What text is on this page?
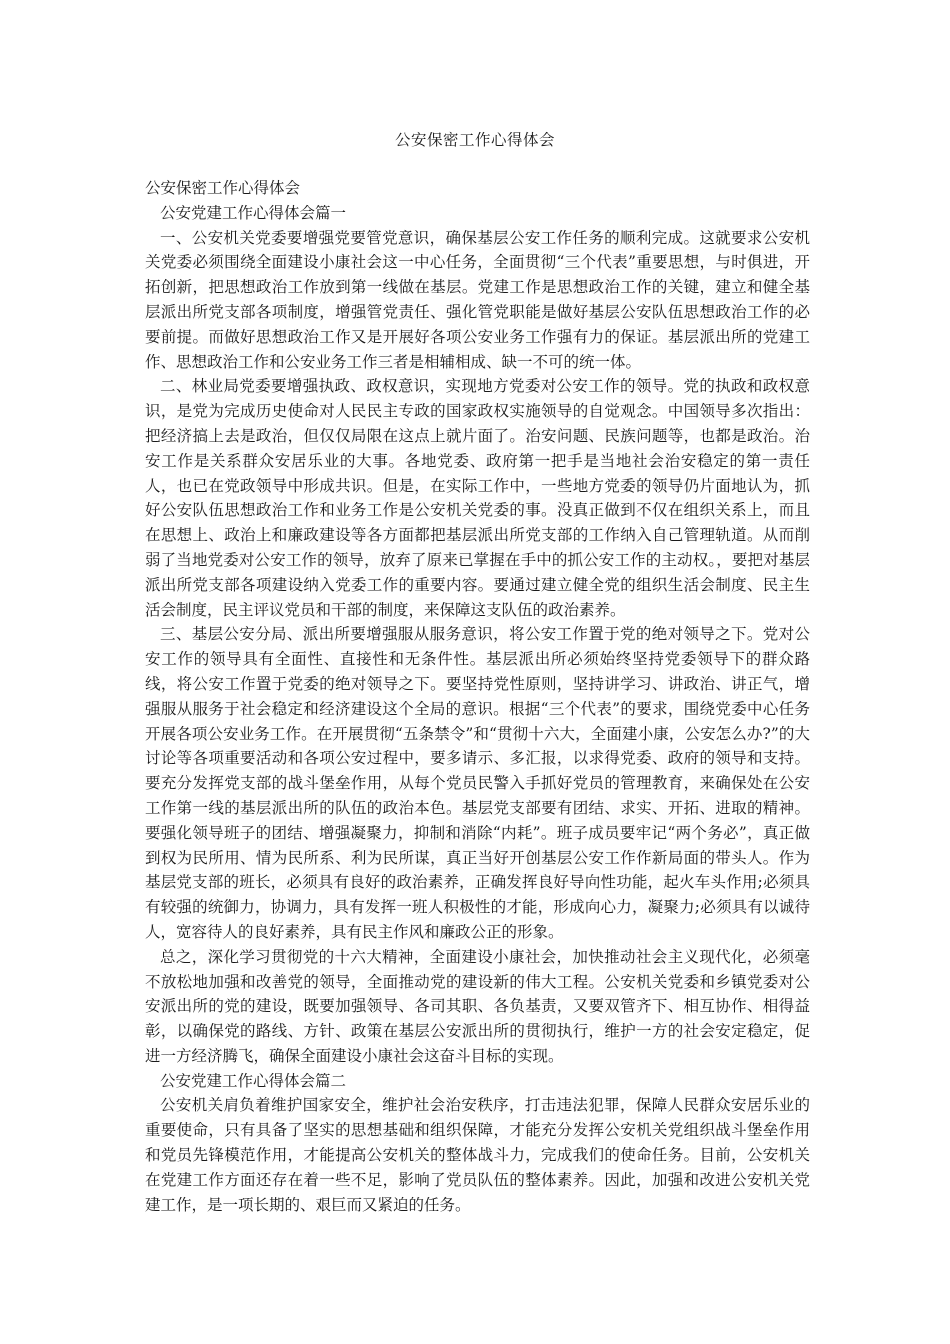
公安保密工作心得体会

公安保密工作心得体会

公安党建工作心得体会篇一

一、公安机关党委要增强党要管党意识，确保基层公安工作任务的顺利完成。这就要求公安机关党委必须围绕全面建设小康社会这一中心任务，全面贯彻“三个代表”重要思想，与时俱进，开拓创新，把思想政治工作放到第一线做在基层。党建工作是思想政治工作的关键，建立和健全基层派出所党支部各项制度，增强管党责任、强化管党职能是做好基层公安队伍思想政治工作的必要前提。而做好思想政治工作又是开展好各项公安业务工作强有力的保证。基层派出所的党建工作、思想政治工作和公安业务工作三者是相辅相成、缺一不可的统一体。

二、林业局党委要增强执政、政权意识，实现地方党委对公安工作的领导。党的执政和政权意识，是党为完成历史使命对人民民主专政的国家政权实施领导的自觉观念。中国领导多次指出：把经济搞上去是政治，但仅仅局限在这点上就片面了。治安问题、民族问题等，也都是政治。治安工作是关系群众安居乐业的大事。各地党委、政府第一把手是当地社会治安稳定的第一责任人，也已在党政领导中形成共识。但是，在实际工作中，一些地方党委的领导仍片面地认为，抓好公安队伍思想政治工作和业务工作是公安机关党委的事。没真正做到不仅在组织关系上，而且在思想上、政治上和廉政建设等各方面都把基层派出所党支部的工作纳入自己管理轨道。从而削弱了当地党委对公安工作的领导，放弃了原来已掌握在手中的抓公安工作的主动权。，要把对基层派出所党支部各项建设纳入党委工作的重要内容。要通过建立健全党的组织生活会制度、民主生活会制度，民主评议党员和干部的制度，来保障这支队伍的政治素养。

三、基层公安分局、派出所要增强服从服务意识，将公安工作置于党的绝对领导之下。党对公安工作的领导具有全面性、直接性和无条件性。基层派出所必须始终坚持党委领导下的群众路线，将公安工作置于党委的绝对领导之下。要坚持党性原则，坚持讲学习、讲政治、讲正气，增强服从服务于社会稳定和经济建设这个全局的意识。根据“三个代表”的要求，围绕党委中心任务开展各项公安业务工作。在开展贯彻“五条禁令”和“贯彻十六大，全面建小康，公安怎么办?”的大讨论等各项重要活动和各项公安过程中，要多请示、多汇报，以求得党委、政府的领导和支持。要充分发挥党支部的战斗堡垒作用，从每个党员民警入手抓好党员的管理教育，来确保处在公安工作第一线的基层派出所的队伍的政治本色。基层党支部要有团结、求实、开拓、进取的精神。要强化领导班子的团结、增强凝聚力，抑制和消除“内耗”。班子成员要牢记“两个务必”，真正做到权为民所用、情为民所系、利为民所谋，真正当好开创基层公安工作作新局面的带头人。作为基层党支部的班长，必须具有良好的政治素养，正确发挥良好导向性功能，起火车头作用;必须具有较强的统御力，协调力，具有发挥一班人积极性的才能，形成向心力，凝聚力;必须具有以诚待人，宽容待人的良好素养，具有民主作风和廉政公正的形象。

总之，深化学习贯彻党的十六大精神，全面建设小康社会，加快推动社会主义现代化，必须毫不放松地加强和改善党的领导，全面推动党的建设新的伟大工程。公安机关党委和乡镇党委对公安派出所的党的建设，既要加强领导、各司其职、各负基责，又要双管齐下、相互协作、相得益彰，以确保党的路线、方针、政策在基层公安派出所的贯彻执行，维护一方的社会安定稳定，促进一方经济腾飞，确保全面建设小康社会这奋斗目标的实现。

公安党建工作心得体会篇二

公安机关肩负着维护国家安全，维护社会治安秩序，打击违法犯罪，保障人民群众安居乐业的重要使命，只有具备了坚实的思想基础和组织保障，才能充分发挥公安机关党组织战斗堡垒作用和党员先锋模范作用，才能提高公安机关的整体战斗力，完成我们的使命任务。目前，公安机关在党建工作方面还存在着一些不足，影响了党员队伍的整体素养。因此，加强和改进公安机关党建工作，是一项长期的、艰巨而又紧迫的任务。
